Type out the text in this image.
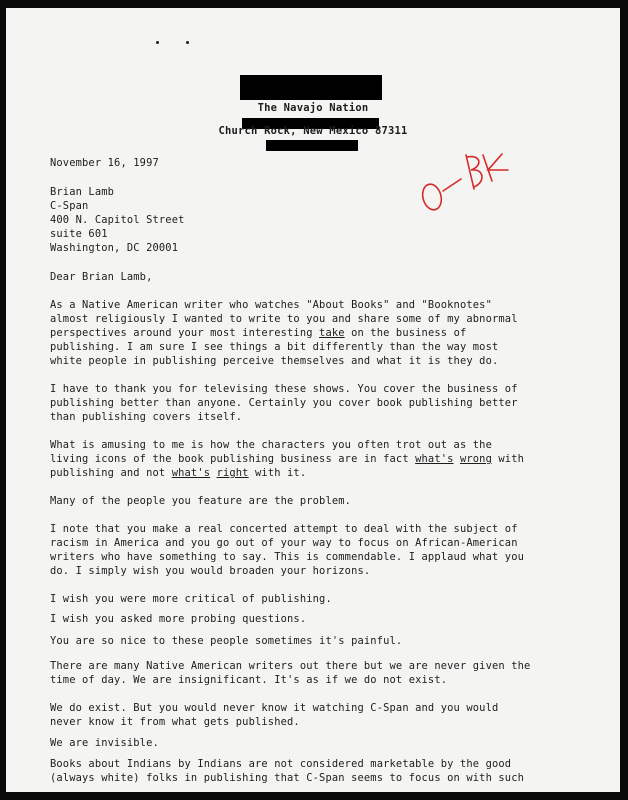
The Navajo Nation
Church Rock, New Mexico 87311
November 16, 1997
Brian Lamb
C-Span
400 N. Capitol Street
suite 601
Washington, DC 20001
Dear Brian Lamb,
As a Native American writer who watches "About Books" and "Booknotes"
almost religiously I wanted to write to you and share some of my abnormal
perspectives around your most interesting take on the business of
publishing. I am sure I see things a bit differently than the way most
white people in publishing perceive themselves and what it is they do.
I have to thank you for televising these shows. You cover the business of
publishing better than anyone. Certainly you cover book publishing better
than publishing covers itself.
What is amusing to me is how the characters you often trot out as the
living icons of the book publishing business are in fact what's wrong with
publishing and not what's right with it.
Many of the people you feature are the problem.
I note that you make a real concerted attempt to deal with the subject of
racism in America and you go out of your way to focus on African-American
writers who have something to say. This is commendable. I applaud what you
do. I simply wish you would broaden your horizons.
I wish you were more critical of publishing.
I wish you asked more probing questions.
You are so nice to these people sometimes it's painful.
There are many Native American writers out there but we are never given the
time of day. We are insignificant. It's as if we do not exist.
We do exist. But you would never know it watching C-Span and you would
never know it from what gets published.
We are invisible.
Books about Indians by Indians are not considered marketable by the good
(always white) folks in publishing that C-Span seems to focus on with such
